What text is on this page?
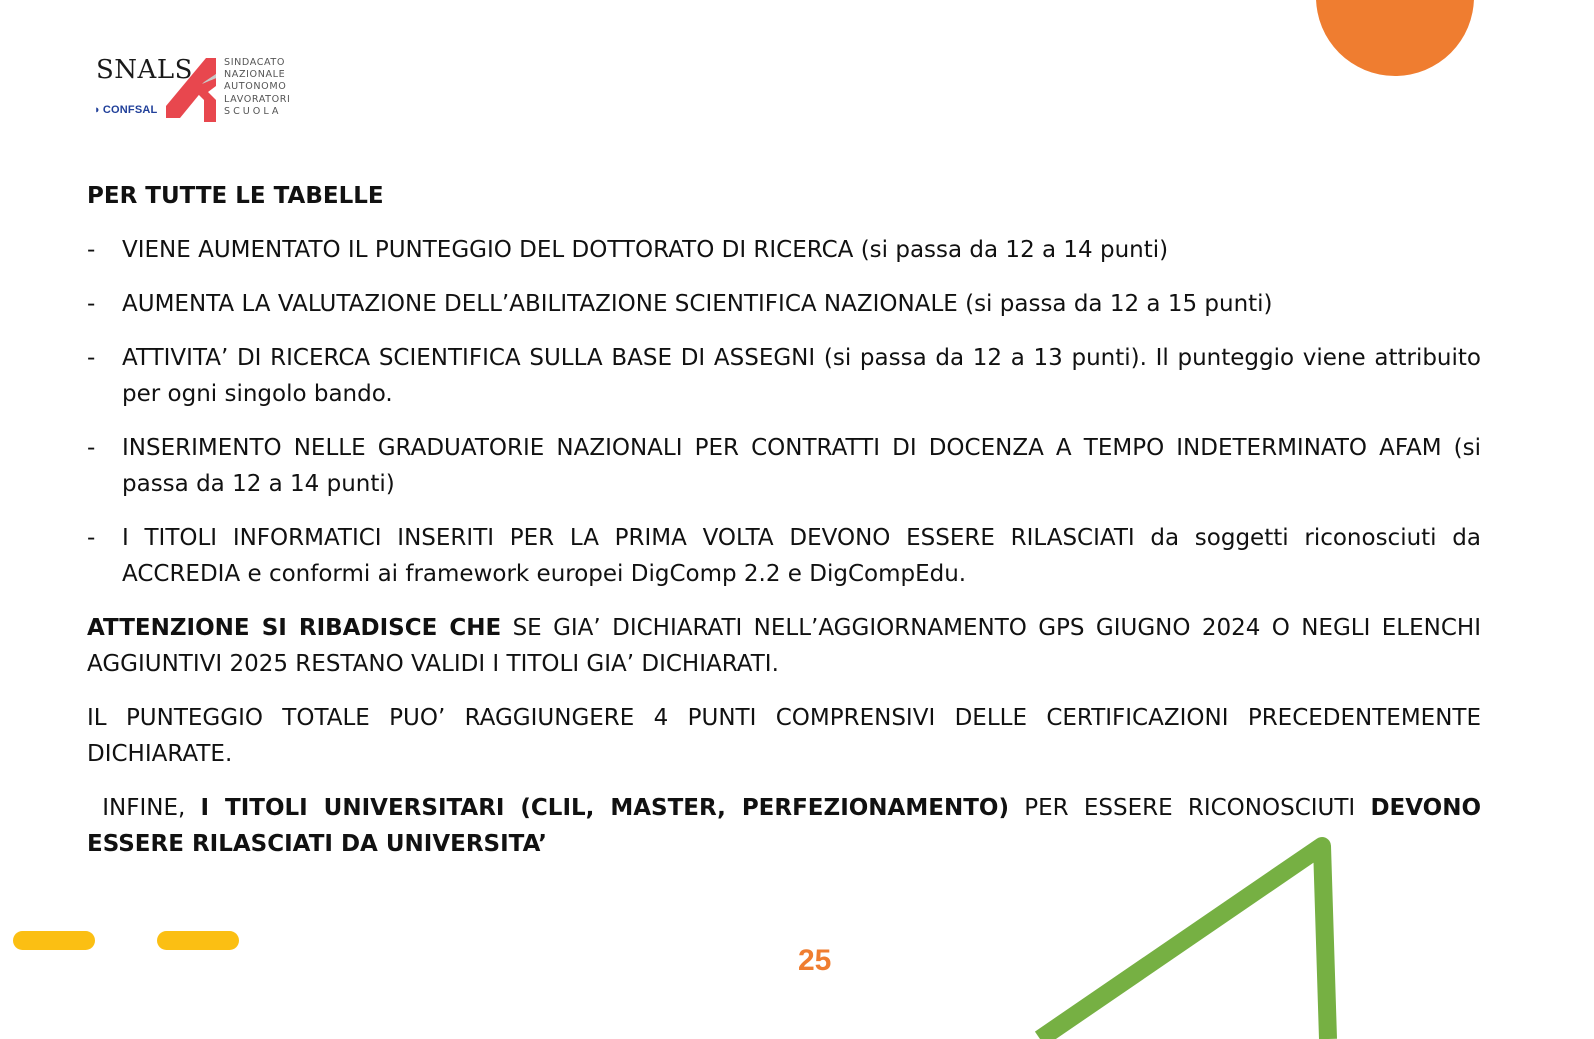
SNALS
◗ CONFSAL
SINDACATO
NAZIONALE
AUTONOMO
LAVORATORI
SCUOLA

PER TUTTE LE TABELLE

- VIENE AUMENTATO IL PUNTEGGIO DEL DOTTORATO DI RICERCA (si passa da 12 a 14 punti)
- AUMENTA LA VALUTAZIONE DELL’ABILITAZIONE SCIENTIFICA NAZIONALE (si passa da 12 a 15 punti)
- ATTIVITA’ DI RICERCA SCIENTIFICA SULLA BASE DI ASSEGNI (si passa da 12 a 13 punti). Il punteggio viene attribuito per ogni singolo bando.
- INSERIMENTO NELLE GRADUATORIE NAZIONALI PER CONTRATTI DI DOCENZA A TEMPO INDETERMINATO AFAM (si passa da 12 a 14 punti)
- I TITOLI INFORMATICI INSERITI PER LA PRIMA VOLTA DEVONO ESSERE RILASCIATI da soggetti riconosciuti da ACCREDIA e conformi ai framework europei DigComp 2.2 e DigCompEdu.

ATTENZIONE SI RIBADISCE CHE SE GIA’ DICHIARATI NELL’AGGIORNAMENTO GPS GIUGNO 2024 O NEGLI ELENCHI AGGIUNTIVI 2025 RESTANO VALIDI I TITOLI GIA’ DICHIARATI.

IL PUNTEGGIO TOTALE PUO’ RAGGIUNGERE 4 PUNTI COMPRENSIVI DELLE CERTIFICAZIONI PRECEDENTEMENTE DICHIARATE.

INFINE, I TITOLI UNIVERSITARI (CLIL, MASTER, PERFEZIONAMENTO) PER ESSERE RICONOSCIUTI DEVONO ESSERE RILASCIATI DA UNIVERSITA’

25
